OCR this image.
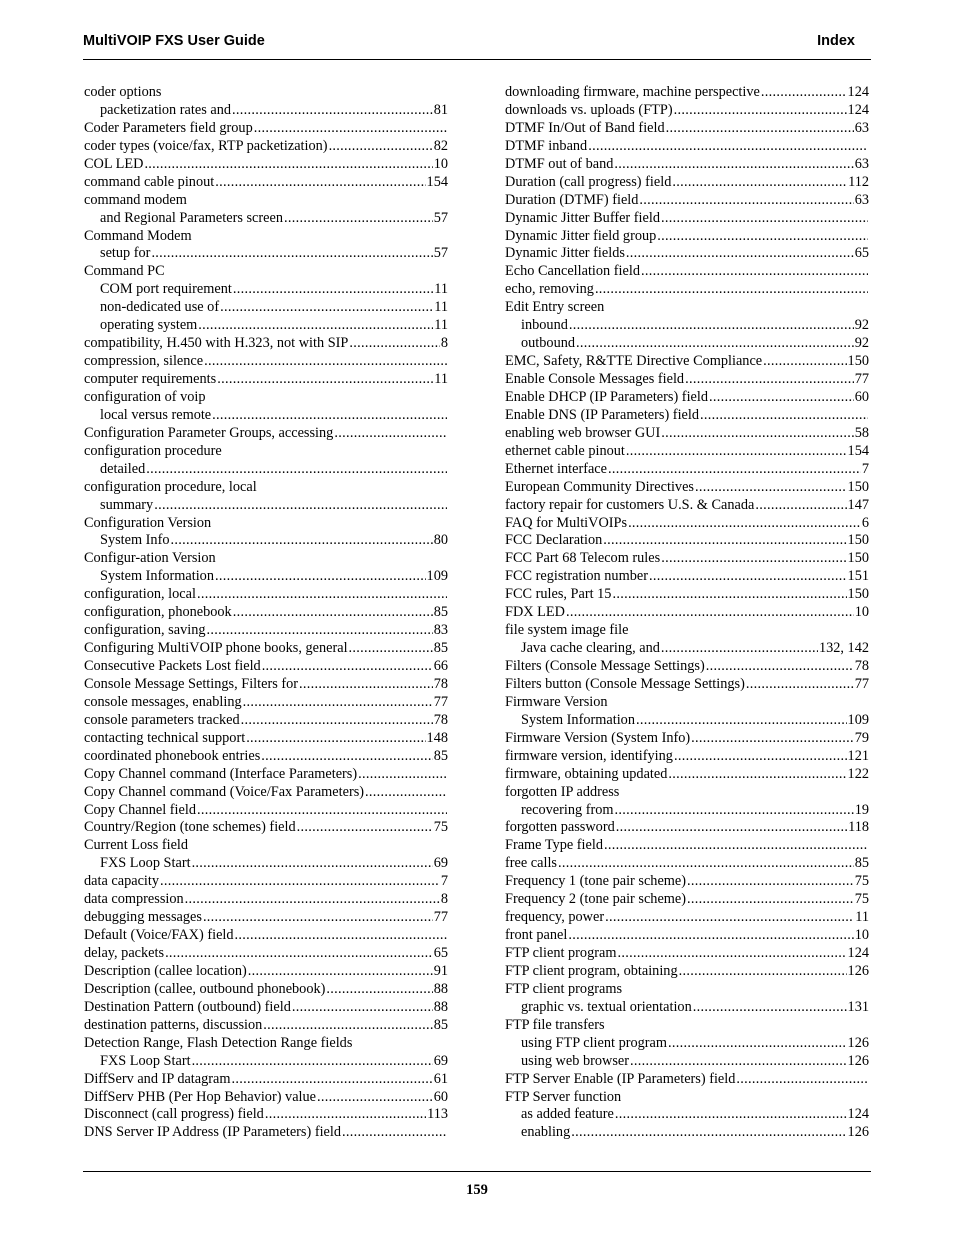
MultiVOIP FXS User Guide	Index
coder options
packetization rates and .....	81
Coder Parameters field group
.....
coder types (voice/fax, RTP packetization) .....	82
COL LED .....	10
command cable pinout .....	154
command modem
and Regional Parameters screen .....	57
Command Modem
setup for .....	57
Command PC
COM port requirement .....	11
non-dedicated use of .....	11
operating system .....	11
compatibility, H.450 with H.323, not with SIP .....	8
compression, silence
.....
computer requirements .....	11
configuration of voip
local versus remote
.....
Configuration Parameter Groups, accessing
.....
configuration procedure
detailed
.....
configuration procedure, local
summary
.....
Configuration Version
System Info .....	80
Configur-ation Version
System Information .....	109
configuration, local
.....
configuration, phonebook .....	85
configuration, saving .....	83
Configuring MultiVOIP phone books, general .....	85
Consecutive Packets Lost field .....	66
Console Message Settings, Filters for .....	78
console messages, enabling .....	77
console parameters tracked .....	78
contacting technical support .....	148
coordinated phonebook entries .....	85
Copy Channel command (Interface Parameters)
.....
Copy Channel command (Voice/Fax Parameters)
.....
Copy Channel field
.....
Country/Region (tone schemes) field .....	75
Current Loss field
FXS Loop Start .....	69
data capacity .....	7
data compression .....	8
debugging messages .....	77
Default (Voice/FAX) field
.....
delay, packets .....	65
Description (callee location) .....	91
Description (callee, outbound phonebook) .....	88
Destination Pattern (outbound) field .....	88
destination patterns, discussion .....	85
Detection Range, Flash Detection Range fields
FXS Loop Start .....	69
DiffServ and IP datagram .....	61
DiffServ PHB (Per Hop Behavior) value .....	60
Disconnect (call progress) field .....	113
DNS Server IP Address (IP Parameters) field
.....
downloading firmware, machine perspective .....	124
downloads vs. uploads (FTP) .....	124
DTMF In/Out of Band field .....	63
DTMF inband
.....
DTMF out of band .....	63
Duration (call progress) field .....	112
Duration (DTMF) field .....	63
Dynamic Jitter Buffer field
.....
Dynamic Jitter field group
.....
Dynamic Jitter fields .....	65
Echo Cancellation field
.....
echo, removing
.....
Edit Entry screen
inbound .....	92
outbound .....	92
EMC, Safety, R&TTE Directive Compliance .....	150
Enable Console Messages field .....	77
Enable DHCP (IP Parameters) field .....	60
Enable DNS (IP Parameters) field
.....
enabling web browser GUI .....	58
ethernet cable pinout .....	154
Ethernet interface .....	7
European Community Directives .....	150
factory repair for customers U.S. & Canada .....	147
FAQ for MultiVOIPs .....	6
FCC Declaration .....	150
FCC Part 68 Telecom rules .....	150
FCC registration number .....	151
FCC rules, Part 15 .....	150
FDX LED .....	10
file system image file
Java cache clearing, and .....	132, 142
Filters (Console Message Settings) .....	78
Filters button (Console Message Settings) .....	77
Firmware Version
System Information .....	109
Firmware Version (System Info) .....	79
firmware version, identifying .....	121
firmware, obtaining updated .....	122
forgotten IP address
recovering from .....	19
forgotten password .....	118
Frame Type field
.....
free calls .....	85
Frequency 1 (tone pair scheme) .....	75
Frequency 2 (tone pair scheme) .....	75
frequency, power .....	11
front panel .....	10
FTP client program .....	124
FTP client program, obtaining .....	126
FTP client programs
graphic vs. textual orientation .....	131
FTP file transfers
using FTP client program .....	126
using web browser .....	126
FTP Server Enable (IP Parameters) field
.....
FTP Server function
as added feature .....	124
enabling .....	126
159
